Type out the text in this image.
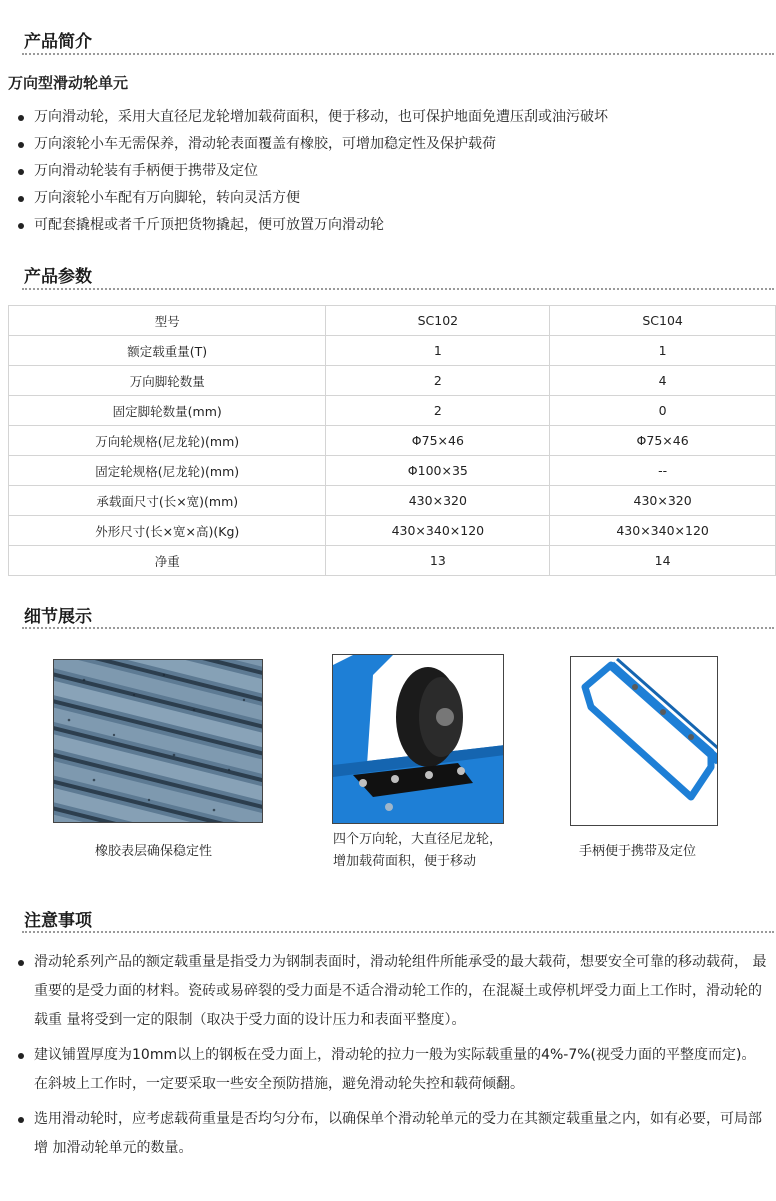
产品简介
万向型滑动轮单元
万向滑动轮，采用大直径尼龙轮增加载荷面积，便于移动，也可保护地面免遭压刮或油污破坏
万向滚轮小车无需保养，滑动轮表面覆盖有橡胶，可增加稳定性及保护载荷
万向滑动轮装有手柄便于携带及定位
万向滚轮小车配有万向脚轮，转向灵活方便
可配套撬棍或者千斤顶把货物撬起，便可放置万向滑动轮
产品参数
型号	SC102	SC104
额定载重量(T)	1	1
万向脚轮数量	2	4
固定脚轮数量(mm)	2	0
万向轮规格(尼龙轮)(mm)	Φ75×46	Φ75×46
固定轮规格(尼龙轮)(mm)	Φ100×35	--
承载面尺寸(长×宽)(mm)	430×320	430×320
外形尺寸(长×宽×高)(Kg)	430×340×120	430×340×120
净重	13	14
细节展示
橡胶表层确保稳定性
四个万向轮，大直径尼龙轮，
增加载荷面积，便于移动
手柄便于携带及定位
注意事项
滑动轮系列产品的额定载重量是指受力为钢制表面时，滑动轮组件所能承受的最大载荷，想要安全可靠的移动载荷， 最重要的是受力面的材料。瓷砖或易碎裂的受力面是不适合滑动轮工作的，在混凝土或停机坪受力面上工作时，滑动轮的载重 量将受到一定的限制（取决于受力面的设计压力和表面平整度）。
建议铺置厚度为10mm以上的钢板在受力面上，滑动轮的拉力一般为实际载重量的4%-7%(视受力面的平整度而定)。
在斜坡上工作时，一定要采取一些安全预防措施，避免滑动轮失控和载荷倾翻。
选用滑动轮时，应考虑载荷重量是否均匀分布，以确保单个滑动轮单元的受力在其额定载重量之内，如有必要，可局部增 加滑动轮单元的数量。
